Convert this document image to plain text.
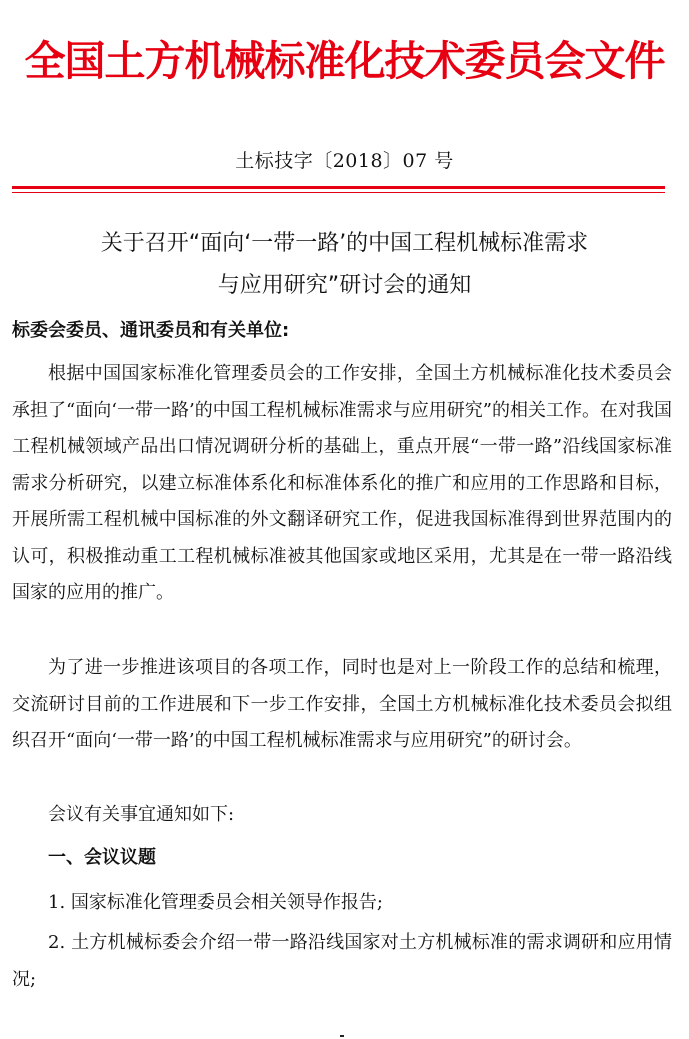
全国土方机械标准化技术委员会文件
土标技字〔2018〕07 号
关于召开“面向‘一带一路’的中国工程机械标准需求
与应用研究”研讨会的通知
标委会委员、通讯委员和有关单位:

根据中国国家标准化管理委员会的工作安排，全国土方机械标准化技术委员会承担了“面向‘一带一路’的中国工程机械标准需求与应用研究”的相关工作。在对我国工程机械领域产品出口情况调研分析的基础上，重点开展“一带一路”沿线国家标准需求分析研究，以建立标准体系化和标准体系化的推广和应用的工作思路和目标，开展所需工程机械中国标准的外文翻译研究工作，促进我国标准得到世界范围内的认可，积极推动重工工程机械标准被其他国家或地区采用，尤其是在一带一路沿线国家的应用的推广。

为了进一步推进该项目的各项工作，同时也是对上一阶段工作的总结和梳理，交流研讨目前的工作进展和下一步工作安排，全国土方机械标准化技术委员会拟组织召开“面向‘一带一路’的中国工程机械标准需求与应用研究”的研讨会。

会议有关事宜通知如下:

一、会议议题

1. 国家标准化管理委员会相关领导作报告;

2. 土方机械标委会介绍一带一路沿线国家对土方机械标准的需求调研和应用情况;
